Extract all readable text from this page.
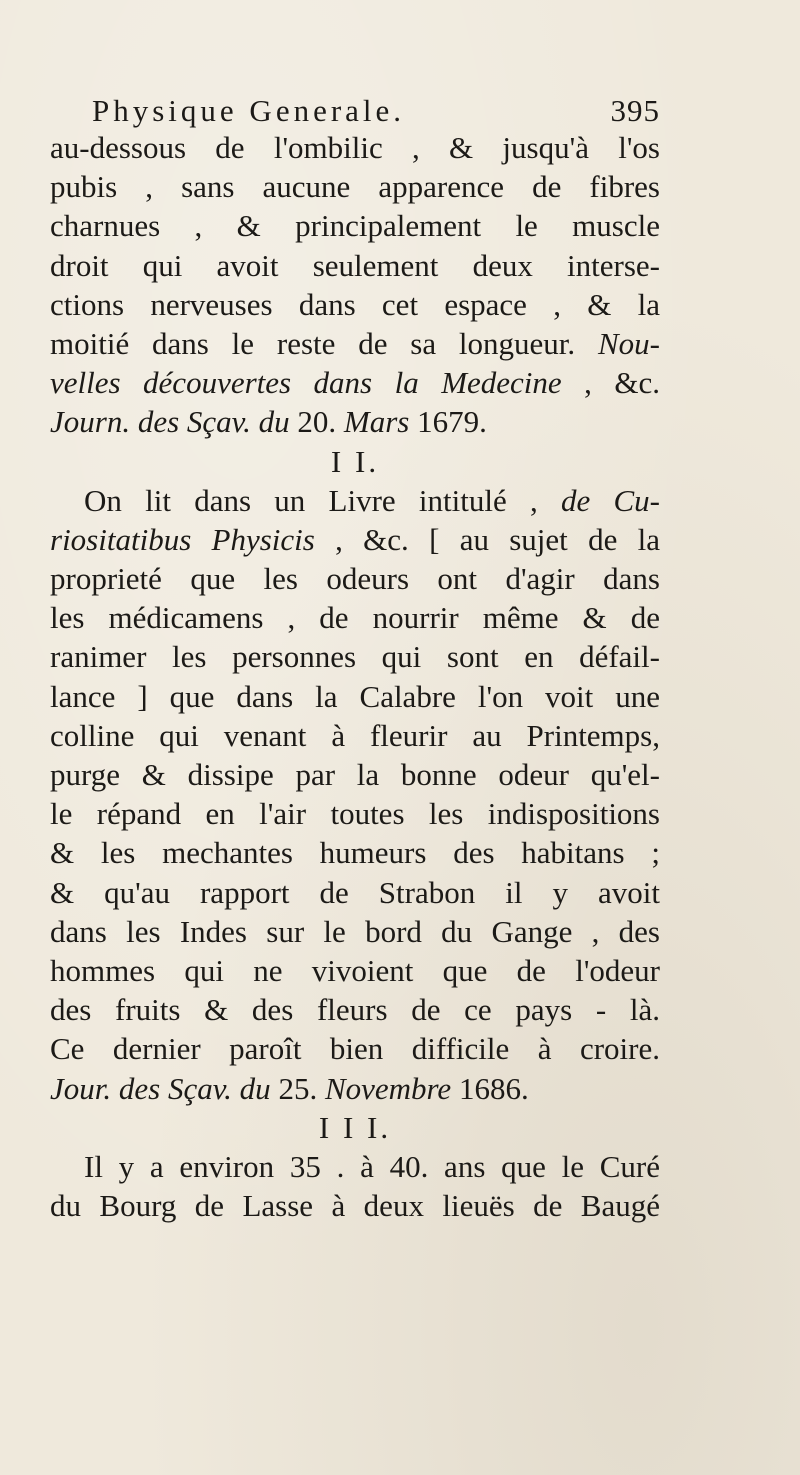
Physique Generale.	395
au-dessous de l'ombilic , & jusqu'à l'os
pubis , sans aucune apparence de fibres
charnues , & principalement le muscle
droit qui avoit seulement deux interse-
ctions nerveuses dans cet espace , & la
moitié dans le reste de sa longueur. Nou-
velles découvertes dans la Medecine , &c.
Journ. des Sçav. du 20. Mars 1679.
I I.
On lit dans un Livre intitulé , de Cu-
riositatibus Physicis , &c. [ au sujet de la
proprieté que les odeurs ont d'agir dans
les médicamens , de nourrir même & de
ranimer les personnes qui sont en défail-
lance ] que dans la Calabre l'on voit une
colline qui venant à fleurir au Printemps,
purge & dissipe par la bonne odeur qu'el-
le répand en l'air toutes les indispositions
& les mechantes humeurs des habitans ;
& qu'au rapport de Strabon il y avoit
dans les Indes sur le bord du Gange , des
hommes qui ne vivoient que de l'odeur
des fruits & des fleurs de ce pays - là.
Ce dernier paroît bien difficile à croire.
Jour. des Sçav. du 25. Novembre 1686.
I I I.
Il y a environ 35 . à 40. ans que le Curé
du Bourg de Lasse à deux lieuës de Baugé
